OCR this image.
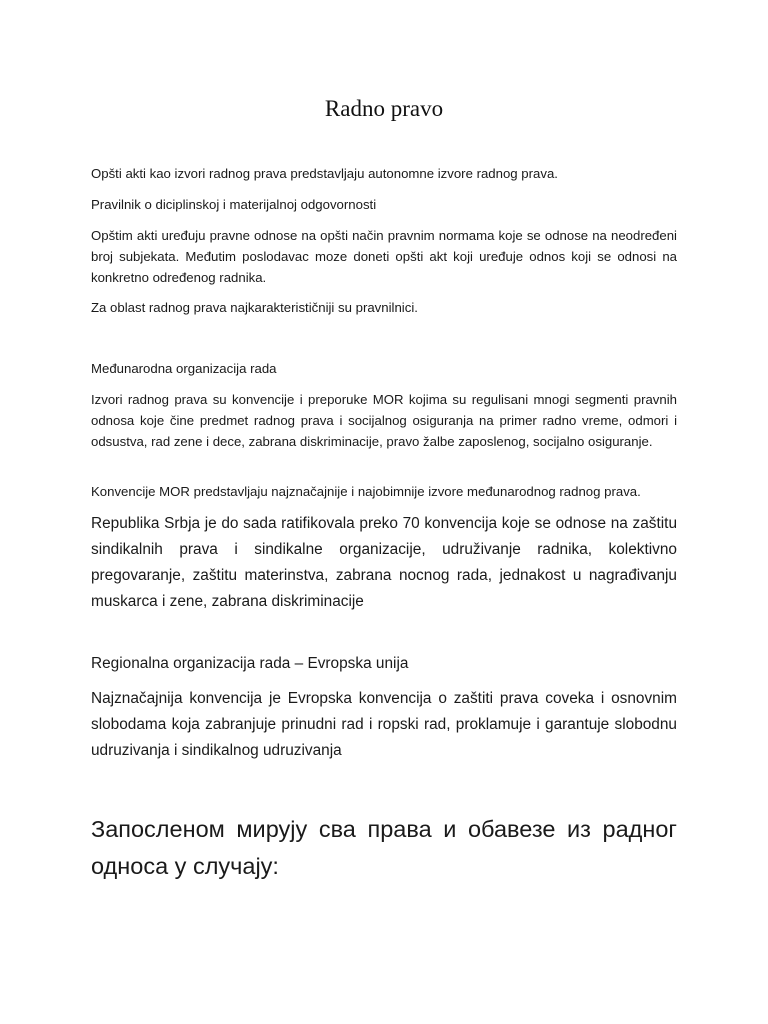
Radno pravo

Opšti akti kao izvori radnog prava predstavljaju autonomne izvore radnog prava.

Pravilnik o diciplinskoj i materijalnoj odgovornosti

Opštim akti uređuju pravne odnose na opšti način pravnim normama koje se odnose na neodređeni broj subjekata. Međutim poslodavac moze doneti opšti akt koji uređuje odnos koji se odnosi na konkretno određenog radnika.

Za oblast radnog prava najkarakterističniji su pravnilnici.

Međunarodna organizacija rada

Izvori radnog prava su konvencije i preporuke MOR kojima su regulisani mnogi segmenti pravnih odnosa koje čine predmet radnog prava i socijalnog osiguranja na primer radno vreme, odmori i odsustva, rad zene i dece, zabrana diskriminacije, pravo žalbe zaposlenog, socijalno osiguranje.

Konvencije MOR predstavljaju najznačajnije i najobimnije izvore međunarodnog radnog prava.

Republika Srbja je do sada ratifikovala preko 70 konvencija koje se odnose na zaštitu sindikalnih prava i sindikalne organizacije, udruživanje radnika, kolektivno pregovaranje, zaštitu materinstva, zabrana nocnog rada, jednakost u nagrađivanju muskarca i zene, zabrana diskriminacije

Regionalna organizacija rada – Evropska unija

Najznačajnija konvencija je Evropska konvencija o zaštiti prava coveka i osnovnim slobodama koja zabranjuje prinudni rad i ropski rad, proklamuje i garantuje slobodnu udruzivanja i sindikalnog udruzivanja

Запосленом мирују сва права и обавезе из радног односа у случају:
